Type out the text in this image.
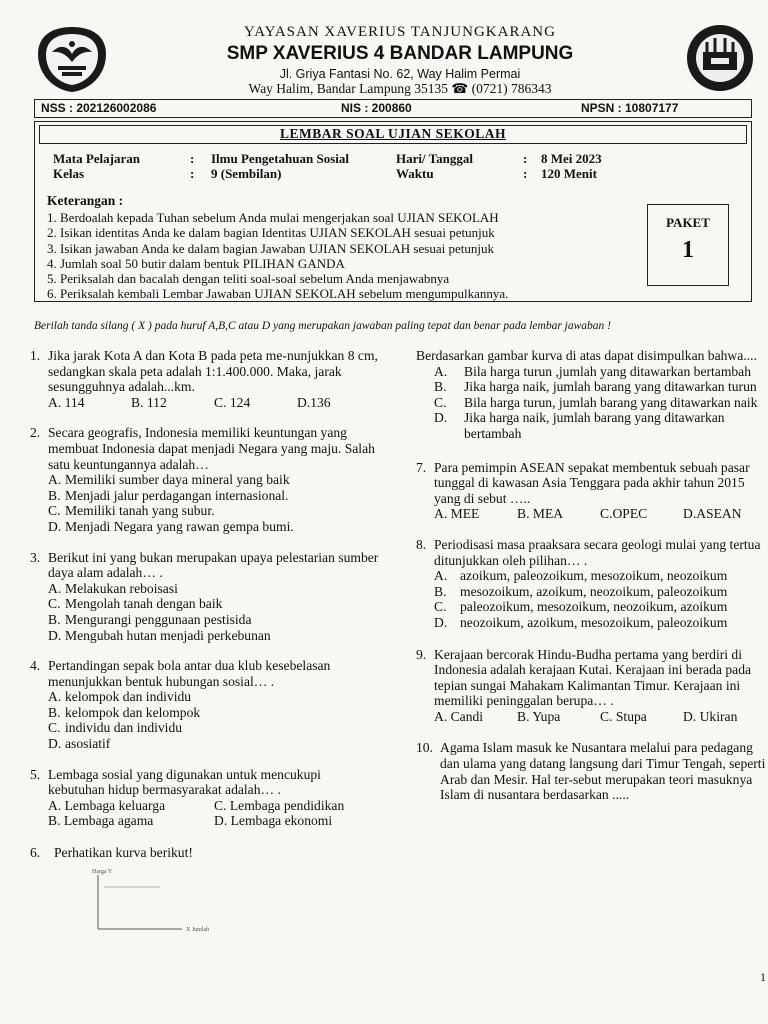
YAYASAN XAVERIUS TANJUNGKARANG
SMP XAVERIUS 4 BANDAR LAMPUNG
Jl. Griya Fantasi No. 62, Way Halim Permai
Way Halim, Bandar Lampung 35135 ☎ (0721) 786343
NSS : 202126002086	NIS : 200860	NPSN : 10807177
LEMBAR SOAL UJIAN SEKOLAH
Mata Pelajaran	: Ilmu Pengetahuan Sosial	Hari/ Tanggal	: 8 Mei 2023
Kelas	: 9 (Sembilan)	Waktu	: 120 Menit
Keterangan :
1. Berdoalah kepada Tuhan sebelum Anda mulai mengerjakan soal UJIAN SEKOLAH
2. Isikan identitas Anda ke dalam bagian Identitas UJIAN SEKOLAH sesuai petunjuk
3. Isikan jawaban Anda ke dalam bagian Jawaban UJIAN SEKOLAH sesuai petunjuk
4. Jumlah soal 50 butir dalam bentuk PILIHAN GANDA
5. Periksalah dan bacalah dengan teliti soal-soal sebelum Anda menjawabnya
6. Periksalah kembali Lembar Jawaban UJIAN SEKOLAH sebelum mengumpulkannya.
PAKET
1
Berilah tanda silang ( X ) pada huruf A,B,C atau D yang merupakan jawaban paling tepat dan benar pada lembar jawaban !
1. Jika jarak Kota A dan Kota B pada peta me-nunjukkan 8 cm, sedangkan skala peta adalah 1:1.400.000. Maka, jarak sesungguhnya adalah...km.
A. 114	B. 112	C. 124	D.136
2. Secara geografis, Indonesia memiliki keuntungan yang membuat Indonesia dapat menjadi Negara yang maju. Salah satu keuntungannya adalah…
A. Memiliki sumber daya mineral yang baik
B. Menjadi jalur perdagangan internasional.
C. Memiliki tanah yang subur.
D. Menjadi Negara yang rawan gempa bumi.
3. Berikut ini yang bukan merupakan upaya pelestarian sumber daya alam adalah… .
A. Melakukan reboisasi
C. Mengolah tanah dengan baik
B. Mengurangi penggunaan pestisida
D. Mengubah hutan menjadi perkebunan
4. Pertandingan sepak bola antar dua klub kesebelasan menunjukkan bentuk hubungan sosial… .
A. kelompok dan individu
B. kelompok dan kelompok
C. individu dan individu
D. asosiatif
5. Lembaga sosial yang digunakan untuk mencukupi kebutuhan hidup bermasyarakat adalah… .
A. Lembaga keluarga	C. Lembaga pendidikan
B. Lembaga agama	D. Lembaga ekonomi
6.	Perhatikan kurva berikut!
Harga Y
X Jumlah
Berdasarkan gambar kurva di atas dapat disimpulkan bahwa....
A. Bila harga turun ,jumlah yang ditawarkan bertambah
B. Jika harga naik, jumlah barang yang ditawarkan turun
C. Bila harga turun, jumlah barang yang ditawarkan naik
D. Jika harga naik, jumlah barang yang ditawarkan bertambah
7. Para pemimpin ASEAN sepakat membentuk sebuah pasar tunggal di kawasan Asia Tenggara pada akhir tahun 2015 yang di sebut …..
A. MEE	B. MEA	C.OPEC	D.ASEAN
8. Periodisasi masa praaksara secara geologi mulai yang tertua ditunjukkan oleh pilihan… .
A. azoikum, paleozoikum, mesozoikum, neozoikum
B. mesozoikum, azoikum, neozoikum, paleozoikum
C. paleozoikum, mesozoikum, neozoikum, azoikum
D. neozoikum, azoikum, mesozoikum, paleozoikum
9. Kerajaan bercorak Hindu-Budha pertama yang berdiri di Indonesia adalah kerajaan Kutai. Kerajaan ini berada pada tepian sungai Mahakam Kalimantan Timur. Kerajaan ini memiliki peninggalan berupa… .
A. Candi	B. Yupa	C. Stupa	D. Ukiran
10. Agama Islam masuk ke Nusantara melalui para pedagang dan ulama yang datang langsung dari Timur Tengah, seperti Arab dan Mesir. Hal ter-sebut merupakan teori masuknya Islam di nusantara berdasarkan .....
1
